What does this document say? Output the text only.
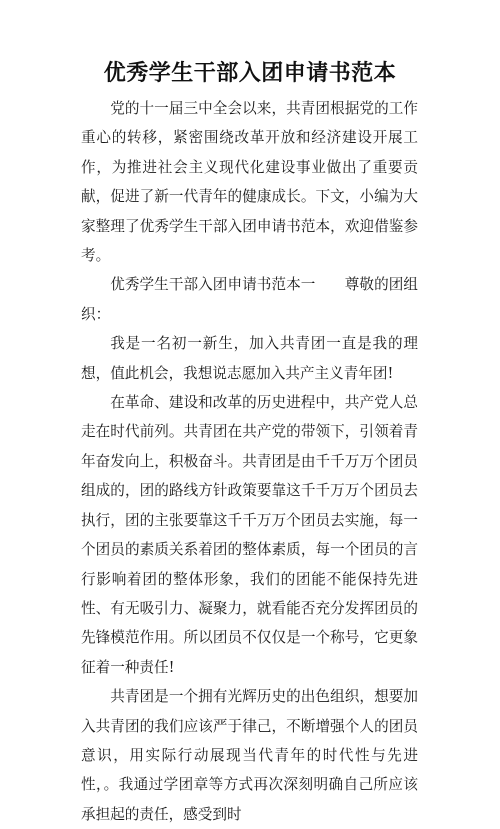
优秀学生干部入团申请书范本

党的十一届三中全会以来，共青团根据党的工作重心的转移，紧密围绕改革开放和经济建设开展工作，为推进社会主义现代化建设事业做出了重要贡献，促进了新一代青年的健康成长。下文，小编为大家整理了优秀学生干部入团申请书范本，欢迎借鉴参考。

优秀学生干部入团申请书范本一　　尊敬的团组织：

我是一名初一新生，加入共青团一直是我的理想，值此机会，我想说志愿加入共产主义青年团!

在革命、建设和改革的历史进程中，共产党人总走在时代前列。共青团在共产党的带领下，引领着青年奋发向上，积极奋斗。共青团是由千千万万个团员组成的，团的路线方针政策要靠这千千万万个团员去执行，团的主张要靠这千千万万个团员去实施，每一个团员的素质关系着团的整体素质，每一个团员的言行影响着团的整体形象，我们的团能不能保持先进性、有无吸引力、凝聚力，就看能否充分发挥团员的先锋模范作用。所以团员不仅仅是一个称号，它更象征着一种责任!

共青团是一个拥有光辉历史的出色组织，想要加入共青团的我们应该严于律己，不断增强个人的团员意识，用实际行动展现当代青年的时代性与先进性，。我通过学团章等方式再次深刻明确自己所应该承担起的责任，感受到时
